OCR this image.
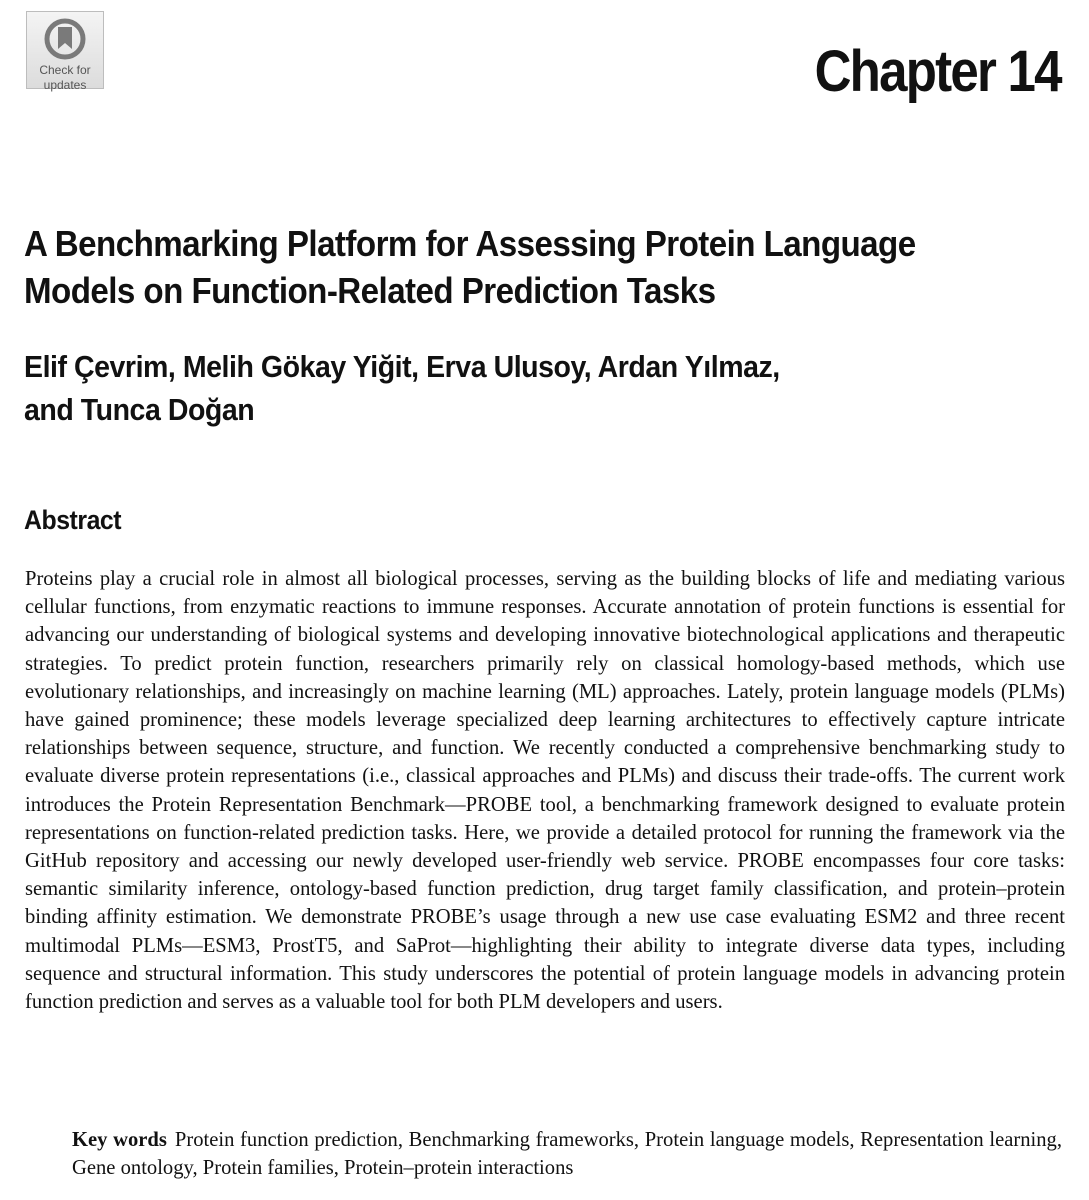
Check for
updates	Chapter 14
A Benchmarking Platform for Assessing Protein Language
Models on Function-Related Prediction Tasks
Elif Çevrim, Melih Gökay Yiğit, Erva Ulusoy, Ardan Yılmaz,
and Tunca Doğan
Abstract

Proteins play a crucial role in almost all biological processes, serving as the building blocks of life and mediating various cellular functions, from enzymatic reactions to immune responses. Accurate annotation of protein functions is essential for advancing our understanding of biological systems and developing innovative biotechnological applications and therapeutic strategies. To predict protein function, researchers primarily rely on classical homology-based methods, which use evolutionary relationships, and increasingly on machine learning (ML) approaches. Lately, protein language models (PLMs) have gained prominence; these models leverage specialized deep learning architectures to effectively capture intricate relationships between sequence, structure, and function. We recently conducted a comprehensive benchmarking study to evaluate diverse protein representations (i.e., classical approaches and PLMs) and discuss their trade-offs. The current work introduces the Protein Representation Benchmark—PROBE tool, a benchmarking framework designed to evaluate protein representations on function-related prediction tasks. Here, we provide a detailed protocol for running the framework via the GitHub repository and accessing our newly developed user-friendly web service. PROBE encompasses four core tasks: semantic similarity inference, ontology-based function prediction, drug target family classification, and protein–protein binding affinity estimation. We demonstrate PROBE’s usage through a new use case evaluating ESM2 and three recent multimodal PLMs—ESM3, ProstT5, and SaProt—highlighting their ability to integrate diverse data types, including sequence and structural information. This study underscores the potential of protein language models in advancing protein function prediction and serves as a valuable tool for both PLM developers and users.

Key words Protein function prediction, Benchmarking frameworks, Protein language models, Representation learning, Gene ontology, Protein families, Protein–protein interactions
